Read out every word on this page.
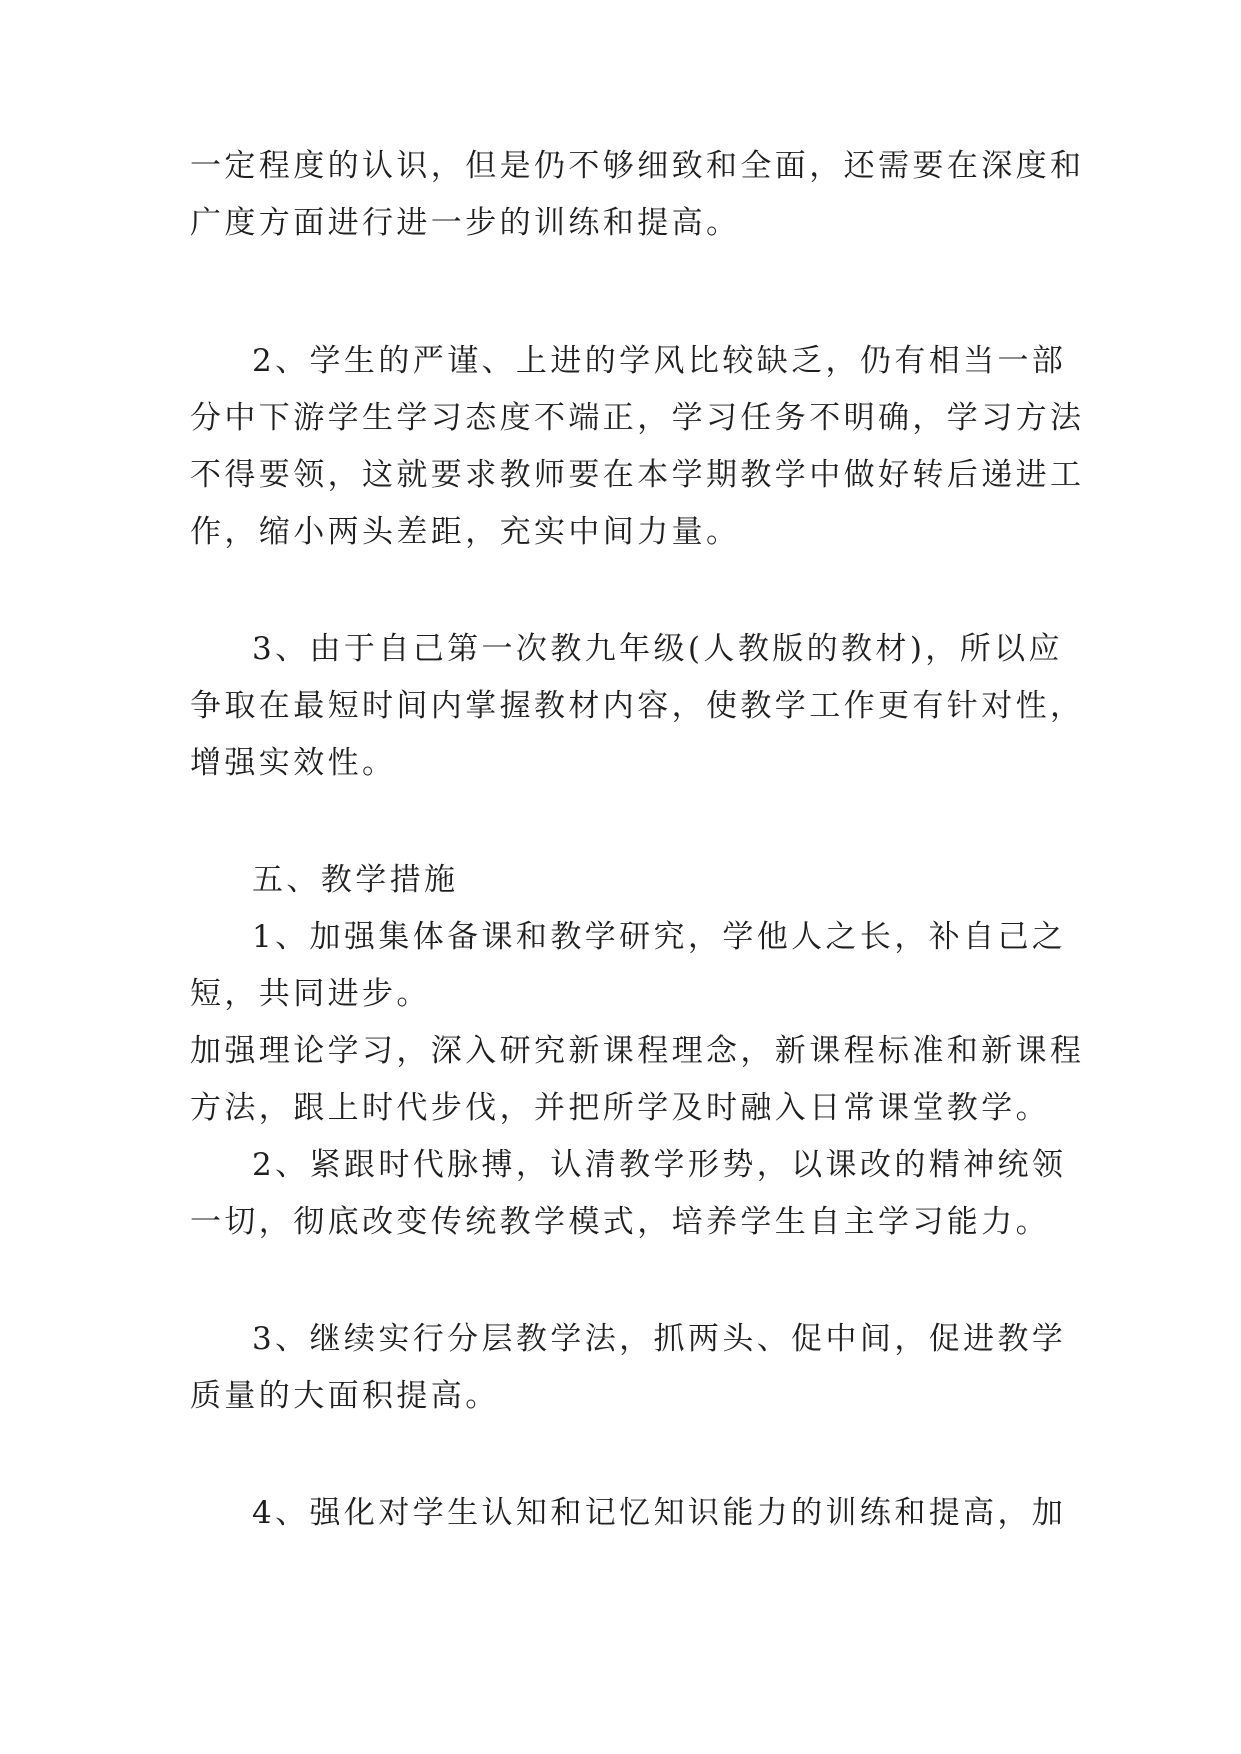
一定程度的认识，但是仍不够细致和全面，还需要在深度和
广度方面进行进一步的训练和提高。
2、学生的严谨、上进的学风比较缺乏，仍有相当一部
分中下游学生学习态度不端正，学习任务不明确，学习方法
不得要领，这就要求教师要在本学期教学中做好转后递进工
作，缩小两头差距，充实中间力量。
3、由于自己第一次教九年级(人教版的教材)，所以应
争取在最短时间内掌握教材内容，使教学工作更有针对性，
增强实效性。
五、教学措施
1、加强集体备课和教学研究，学他人之长，补自己之
短，共同进步。
加强理论学习，深入研究新课程理念，新课程标准和新课程
方法，跟上时代步伐，并把所学及时融入日常课堂教学。
2、紧跟时代脉搏，认清教学形势，以课改的精神统领
一切，彻底改变传统教学模式，培养学生自主学习能力。
3、继续实行分层教学法，抓两头、促中间，促进教学
质量的大面积提高。
4、强化对学生认知和记忆知识能力的训练和提高，加
